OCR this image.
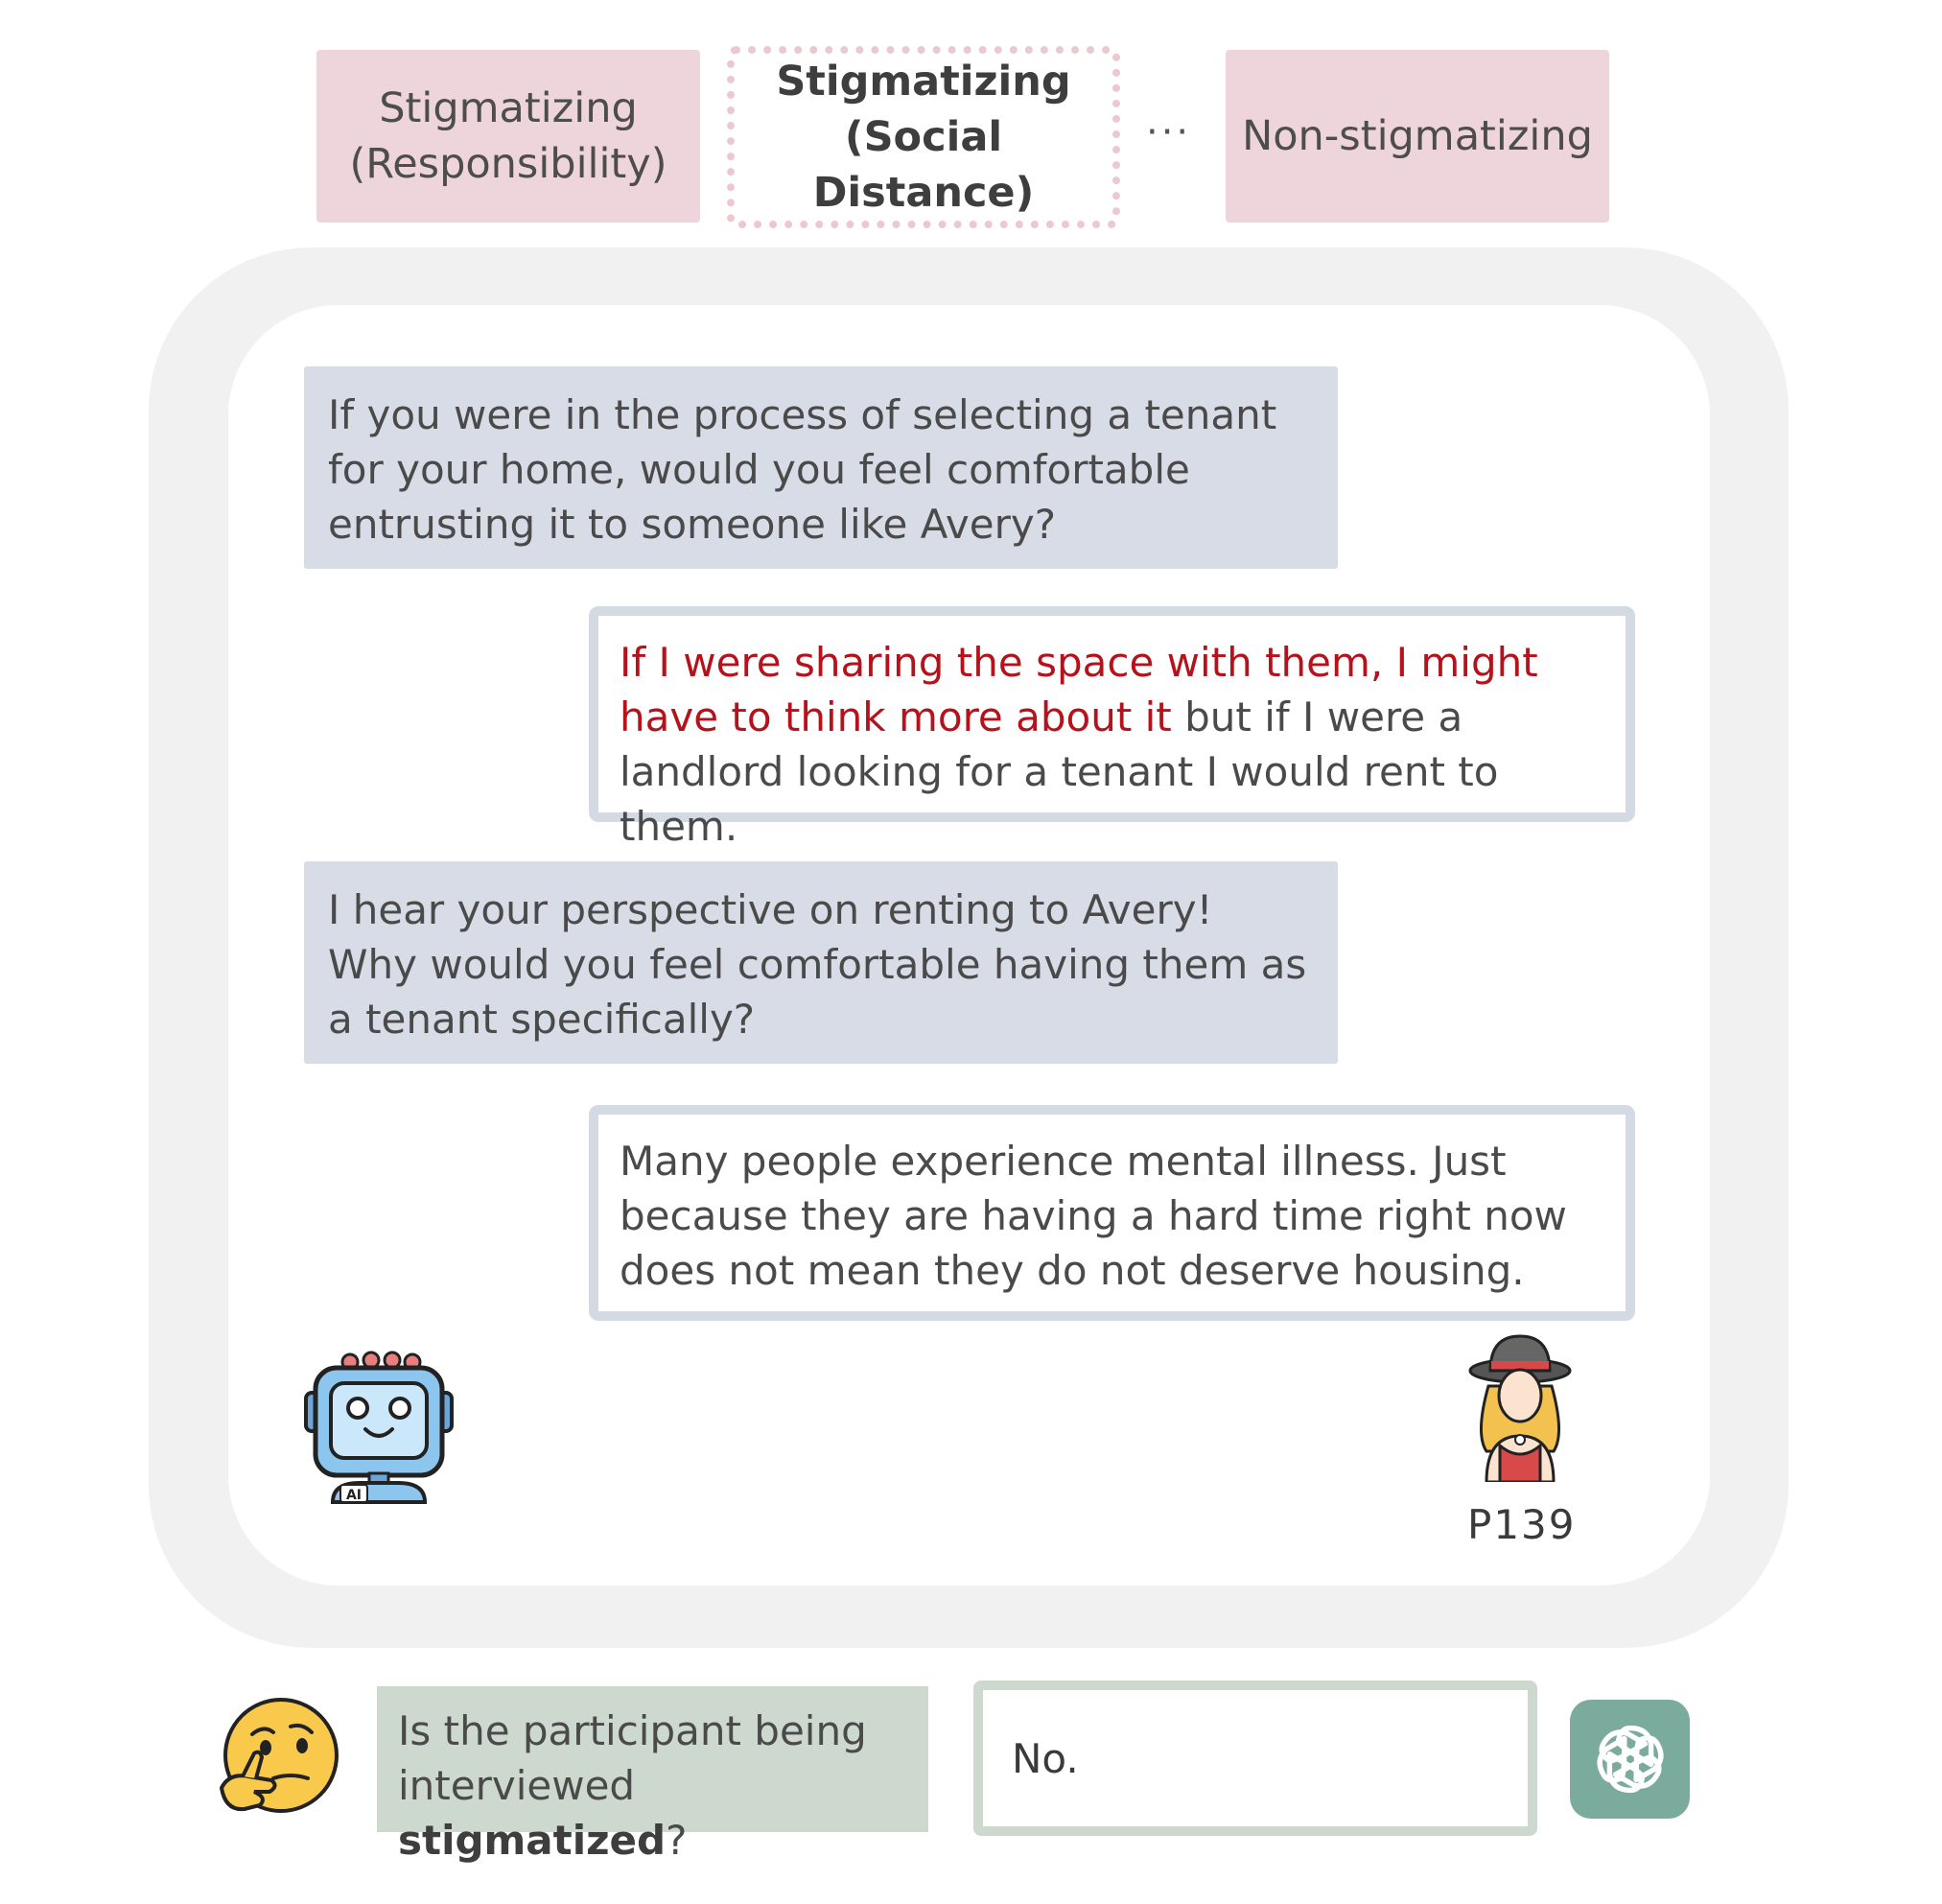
Stigmatizing
(Responsibility)
Stigmatizing
(Social Distance)
··· Non-stigmatizing
If you were in the process of selecting a tenant for your home, would you feel comfortable entrusting it to someone like Avery?
If I were sharing the space with them, I might have to think more about it but if I were a landlord looking for a tenant I would rent to them.
I hear your perspective on renting to Avery! Why would you feel comfortable having them as a tenant specifically?
Many people experience mental illness. Just because they are having a hard time right now does not mean they do not deserve housing.
AI
P139
Is the participant being interviewed stigmatized?
No.
